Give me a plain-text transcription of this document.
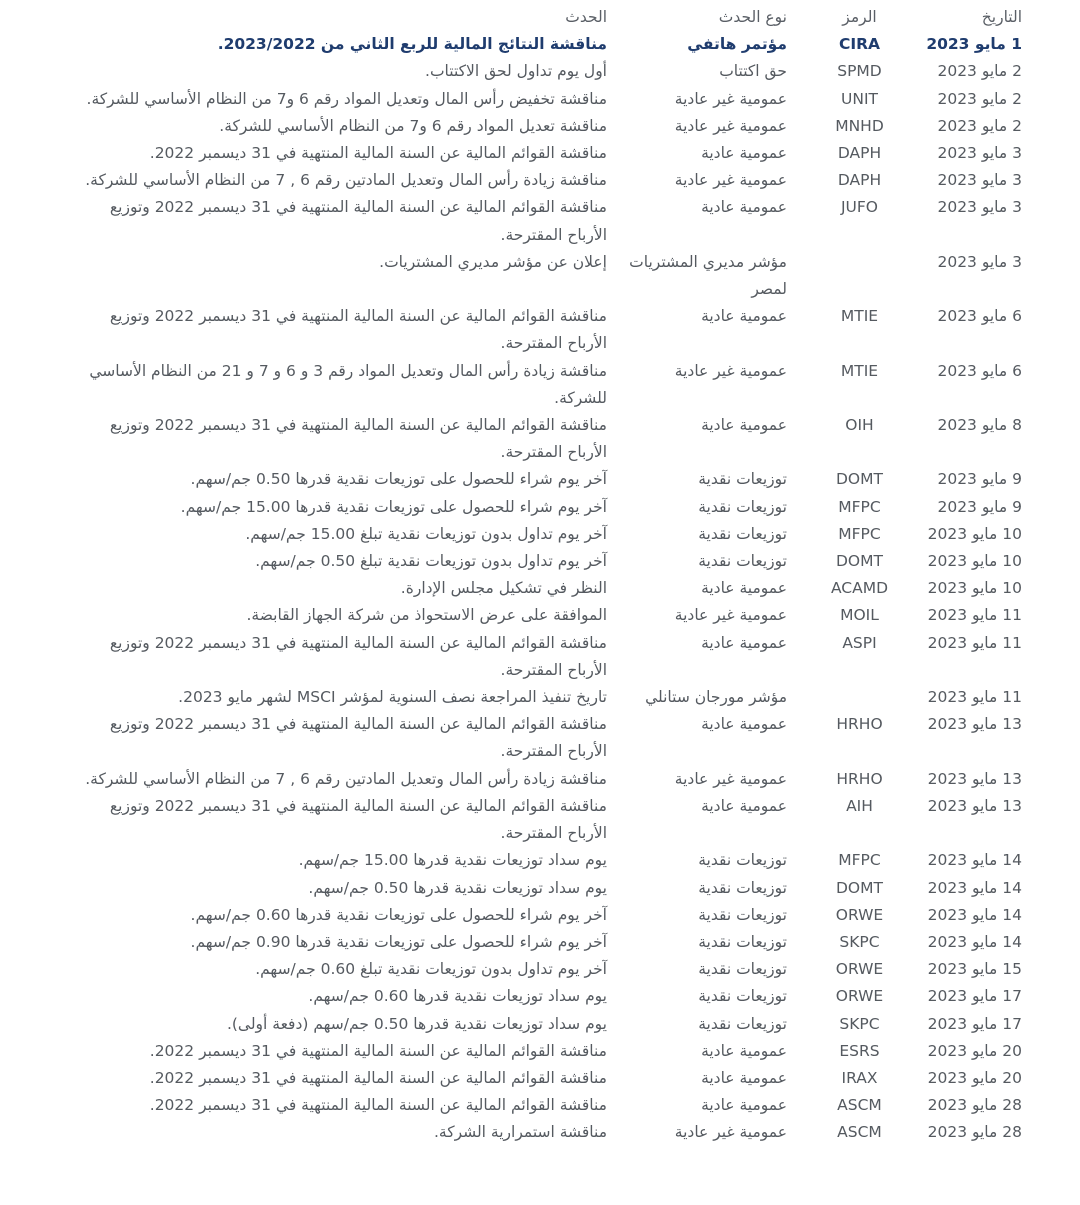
التاريخ	الرمز	نوع الحدث	الحدث
1 مايو 2023	CIRA	مؤتمر هاتفي	مناقشة النتائج المالية للربع الثاني من 2023/2022.
2 مايو 2023	SPMD	حق اكتتاب	أول يوم تداول لحق الاكتتاب.
2 مايو 2023	UNIT	عمومية غير عادية	مناقشة تخفيض رأس المال وتعديل المواد رقم 6 و7 من النظام الأساسي للشركة.
2 مايو 2023	MNHD	عمومية غير عادية	مناقشة تعديل المواد رقم 6 و7 من النظام الأساسي للشركة.
3 مايو 2023	DAPH	عمومية عادية	مناقشة القوائم المالية عن السنة المالية المنتهية في 31 ديسمبر 2022.
3 مايو 2023	DAPH	عمومية غير عادية	مناقشة زيادة رأس المال وتعديل المادتين رقم 6 , 7 من النظام الأساسي للشركة.
3 مايو 2023	JUFO	عمومية عادية	مناقشة القوائم المالية عن السنة المالية المنتهية في 31 ديسمبر 2022 وتوزيع الأرباح المقترحة.
3 مايو 2023		مؤشر مديري المشتريات لمصر	إعلان عن مؤشر مديري المشتريات.
6 مايو 2023	MTIE	عمومية عادية	مناقشة القوائم المالية عن السنة المالية المنتهية في 31 ديسمبر 2022 وتوزيع الأرباح المقترحة.
6 مايو 2023	MTIE	عمومية غير عادية	مناقشة زيادة رأس المال وتعديل المواد رقم 3 و 6 و 7 و 21 من النظام الأساسي للشركة.
8 مايو 2023	OIH	عمومية عادية	مناقشة القوائم المالية عن السنة المالية المنتهية في 31 ديسمبر 2022 وتوزيع الأرباح المقترحة.
9 مايو 2023	DOMT	توزيعات نقدية	آخر يوم شراء للحصول على توزيعات نقدية قدرها 0.50 جم/سهم.
9 مايو 2023	MFPC	توزيعات نقدية	آخر يوم شراء للحصول على توزيعات نقدية قدرها 15.00 جم/سهم.
10 مايو 2023	MFPC	توزيعات نقدية	آخر يوم تداول بدون توزيعات نقدية تبلغ 15.00 جم/سهم.
10 مايو 2023	DOMT	توزيعات نقدية	آخر يوم تداول بدون توزيعات نقدية تبلغ 0.50 جم/سهم.
10 مايو 2023	ACAMD	عمومية عادية	النظر في تشكيل مجلس الإدارة.
11 مايو 2023	MOIL	عمومية غير عادية	الموافقة على عرض الاستحواذ من شركة الجهاز القابضة.
11 مايو 2023	ASPI	عمومية عادية	مناقشة القوائم المالية عن السنة المالية المنتهية في 31 ديسمبر 2022 وتوزيع الأرباح المقترحة.
11 مايو 2023		مؤشر مورجان ستانلي	تاريخ تنفيذ المراجعة نصف السنوية لمؤشر MSCI لشهر مايو 2023.
13 مايو 2023	HRHO	عمومية عادية	مناقشة القوائم المالية عن السنة المالية المنتهية في 31 ديسمبر 2022 وتوزيع الأرباح المقترحة.
13 مايو 2023	HRHO	عمومية غير عادية	مناقشة زيادة رأس المال وتعديل المادتين رقم 6 , 7 من النظام الأساسي للشركة.
13 مايو 2023	AIH	عمومية عادية	مناقشة القوائم المالية عن السنة المالية المنتهية في 31 ديسمبر 2022 وتوزيع الأرباح المقترحة.
14 مايو 2023	MFPC	توزيعات نقدية	يوم سداد توزيعات نقدية قدرها 15.00 جم/سهم.
14 مايو 2023	DOMT	توزيعات نقدية	يوم سداد توزيعات نقدية قدرها 0.50 جم/سهم.
14 مايو 2023	ORWE	توزيعات نقدية	آخر يوم شراء للحصول على توزيعات نقدية قدرها 0.60 جم/سهم.
14 مايو 2023	SKPC	توزيعات نقدية	آخر يوم شراء للحصول على توزيعات نقدية قدرها 0.90 جم/سهم.
15 مايو 2023	ORWE	توزيعات نقدية	آخر يوم تداول بدون توزيعات نقدية تبلغ 0.60 جم/سهم.
17 مايو 2023	ORWE	توزيعات نقدية	يوم سداد توزيعات نقدية قدرها 0.60 جم/سهم.
17 مايو 2023	SKPC	توزيعات نقدية	يوم سداد توزيعات نقدية قدرها 0.50 جم/سهم (دفعة أولى).
20 مايو 2023	ESRS	عمومية عادية	مناقشة القوائم المالية عن السنة المالية المنتهية في 31 ديسمبر 2022.
20 مايو 2023	IRAX	عمومية عادية	مناقشة القوائم المالية عن السنة المالية المنتهية في 31 ديسمبر 2022.
28 مايو 2023	ASCM	عمومية عادية	مناقشة القوائم المالية عن السنة المالية المنتهية في 31 ديسمبر 2022.
28 مايو 2023	ASCM	عمومية غير عادية	مناقشة استمرارية الشركة.
